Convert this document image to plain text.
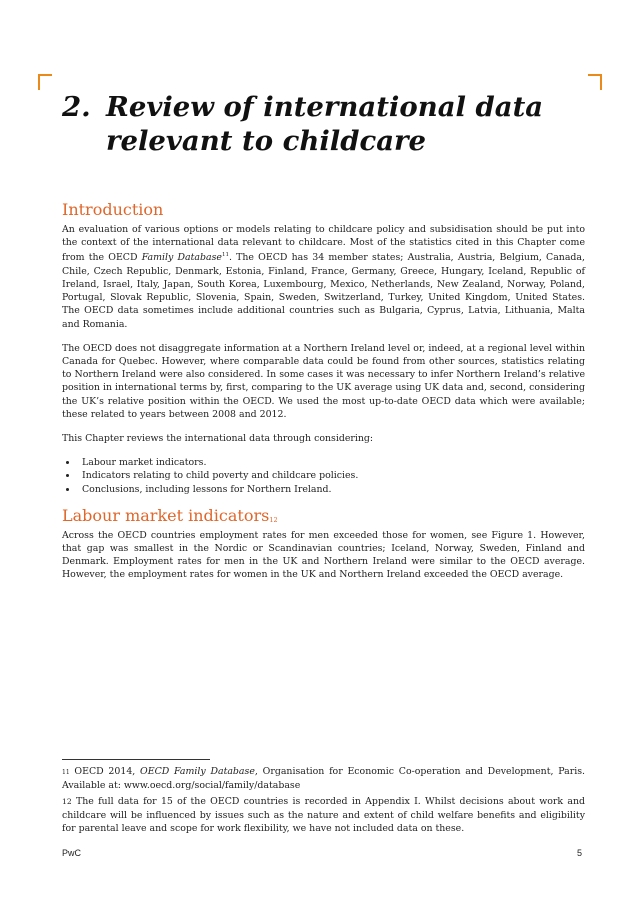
2. Review of international data relevant to childcare
Introduction

An evaluation of various options or models relating to childcare policy and subsidisation should be put into the context of the international data relevant to childcare. Most of the statistics cited in this Chapter come from the OECD Family Database$^{11}$. The OECD has 34 member states; Australia, Austria, Belgium, Canada, Chile, Czech Republic, Denmark, Estonia, Finland, France, Germany, Greece, Hungary, Iceland, Republic of Ireland, Israel, Italy, Japan, South Korea, Luxembourg, Mexico, Netherlands, New Zealand, Norway, Poland, Portugal, Slovak Republic, Slovenia, Spain, Sweden, Switzerland, Turkey, United Kingdom, United States. The OECD data sometimes include additional countries such as Bulgaria, Cyprus, Latvia, Lithuania, Malta and Romania.

The OECD does not disaggregate information at a Northern Ireland level or, indeed, at a regional level within Canada for Quebec. However, where comparable data could be found from other sources, statistics relating to Northern Ireland were also considered. In some cases it was necessary to infer Northern Ireland’s relative position in international terms by, first, comparing to the UK average using UK data and, second, considering the UK’s relative position within the OECD. We used the most up-to-date OECD data which were available; these related to years between 2008 and 2012.

This Chapter reviews the international data through considering:

• Labour market indicators.
• Indicators relating to child poverty and childcare policies.
• Conclusions, including lessons for Northern Ireland.
Labour market indicators$^{12}$

Across the OECD countries employment rates for men exceeded those for women, see Figure 1. However, that gap was smallest in the Nordic or Scandinavian countries; Iceland, Norway, Sweden, Finland and Denmark. Employment rates for men in the UK and Northern Ireland were similar to the OECD average. However, the employment rates for women in the UK and Northern Ireland exceeded the OECD average.

11 OECD 2014, OECD Family Database, Organisation for Economic Co-operation and Development, Paris. Available at: www.oecd.org/social/family/database

12 The full data for 15 of the OECD countries is recorded in Appendix I. Whilst decisions about work and childcare will be influenced by issues such as the nature and extent of child welfare benefits and eligibility for parental leave and scope for work flexibility, we have not included data on these.

PwC	5
